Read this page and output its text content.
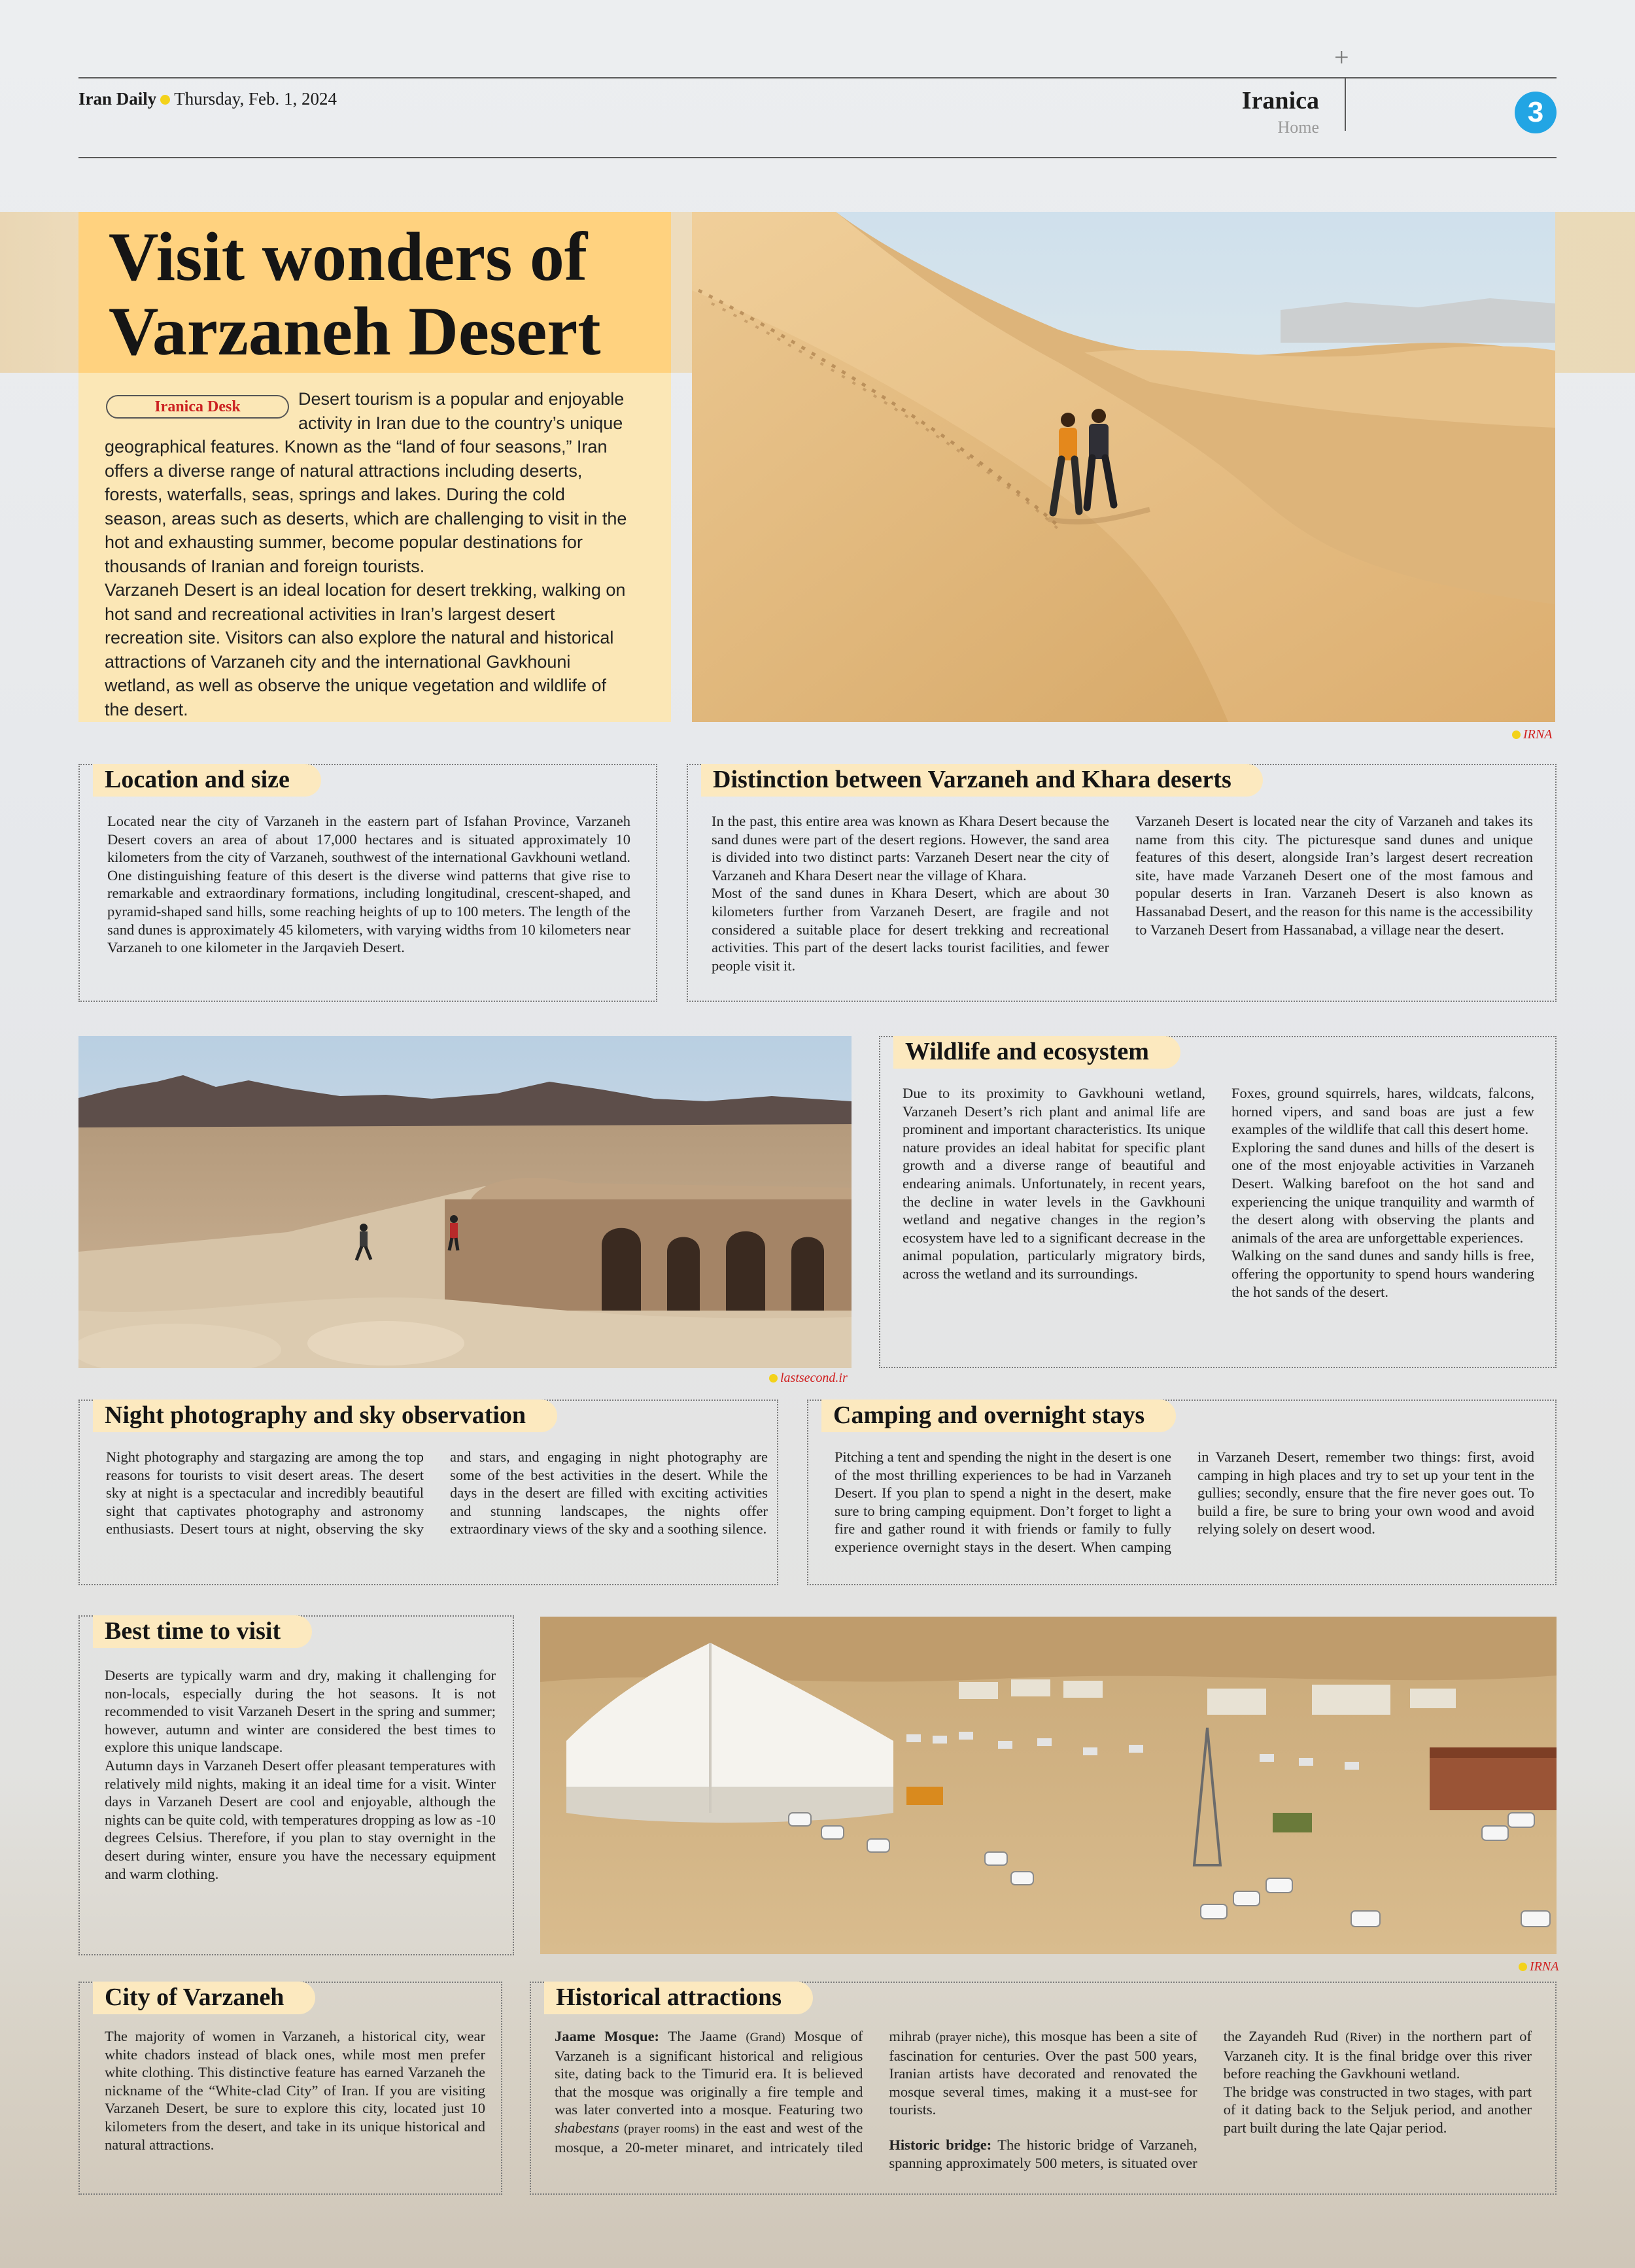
+
Iran Daily Thursday, Feb. 1, 2024	Iranica
Home	3
Visit wonders of
Varzaneh Desert
Iranica Desk	Desert tourism is a popular and enjoyable activity in Iran due to the country’s unique geographical features. Known as the “land of four seasons,” Iran offers a diverse range of natural attractions including deserts, forests, waterfalls, seas, springs and lakes. During the cold season, areas such as deserts, which are challenging to visit in the hot and exhausting summer, become popular destinations for thousands of Iranian and foreign tourists.

Varzaneh Desert is an ideal location for desert trekking, walking on hot sand and recreational activities in Iran’s largest desert recreation site. Visitors can also explore the natural and historical attractions of Varzaneh city and the international Gavkhouni wetland, as well as observe the unique vegetation and wildlife of the desert.

IRNA
Location and size
Located near the city of Varzaneh in the eastern part of Isfahan Province, Varzaneh Desert covers an area of about 17,000 hectares and is situated approximately 10 kilometers from the city of Varzaneh, southwest of the international Gavkhouni wetland. One distinguishing feature of this desert is the diverse wind patterns that give rise to remarkable and extraordinary formations, including longitudinal, crescent-shaped, and pyramid-shaped sand hills, some reaching heights of up to 100 meters. The length of the sand dunes is approximately 45 kilometers, with varying widths from 10 kilometers near Varzaneh to one kilometer in the Jarqavieh Desert.
Distinction between Varzaneh and Khara deserts

In the past, this entire area was known as Khara Desert because the sand dunes were part of the desert regions. However, the sand area is divided into two distinct parts: Varzaneh Desert near the city of Varzaneh and Khara Desert near the village of Khara.

Most of the sand dunes in Khara Desert, which are about 30 kilometers further from Varzaneh Desert, are fragile and not considered a suitable place for desert trekking and recreational activities. This part of the desert lacks tourist facilities, and fewer people visit it.

Varzaneh Desert is located near the city of Varzaneh and takes its name from this city. The picturesque sand dunes and unique features of this desert, alongside Iran’s largest desert recreation site, have made Varzaneh Desert one of the most famous and popular deserts in Iran. Varzaneh Desert is also known as Hassanabad Desert, and the reason for this name is the accessibility to Varzaneh Desert from Hassanabad, a village near the desert.

lastsecond.ir
Wildlife and ecosystem

Due to its proximity to Gavkhouni wetland, Varzaneh Desert’s rich plant and animal life are prominent and important characteristics. Its unique nature provides an ideal habitat for specific plant growth and a diverse range of beautiful and endearing animals. Unfortunately, in recent years, the decline in water levels in the Gavkhouni wetland and negative changes in the region’s ecosystem have led to a significant decrease in the animal population, particularly migratory birds, across the wetland and its surroundings.

Foxes, ground squirrels, hares, wildcats, falcons, horned vipers, and sand boas are just a few examples of the wildlife that call this desert home.

Exploring the sand dunes and hills of the desert is one of the most enjoyable activities in Varzaneh Desert. Walking barefoot on the hot sand and experiencing the unique tranquility and warmth of the desert along with observing the plants and animals of the area are unforgettable experiences.

Walking on the sand dunes and sandy hills is free, offering the opportunity to spend hours wandering the hot sands of the desert.

Night photography and sky observation
Night photography and stargazing are among the top reasons for tourists to visit desert areas. The desert sky at night is a spectacular and incredibly beautiful sight that captivates photography and astronomy enthusiasts. Desert tours at night, observing the sky and stars, and engaging in night photography are some of the best activities in the desert. While the days in the desert are filled with exciting activities and stunning landscapes, the nights offer extraordinary views of the sky and a soothing silence.
Camping and overnight stays
Pitching a tent and spending the night in the desert is one of the most thrilling experiences to be had in Varzaneh Desert. If you plan to spend a night in the desert, make sure to bring camping equipment. Don’t forget to light a fire and gather round it with friends or family to fully experience overnight stays in the desert. When camping in Varzaneh Desert, remember two things: first, avoid camping in high places and try to set up your tent in the gullies; secondly, ensure that the fire never goes out. To build a fire, be sure to bring your own wood and avoid relying solely on desert wood.
Best time to visit

Deserts are typically warm and dry, making it challenging for non-locals, especially during the hot seasons. It is not recommended to visit Varzaneh Desert in the spring and summer; however, autumn and winter are considered the best times to explore this unique landscape.

Autumn days in Varzaneh Desert offer pleasant temperatures with relatively mild nights, making it an ideal time for a visit. Winter days in Varzaneh Desert are cool and enjoyable, although the nights can be quite cold, with temperatures dropping as low as -10 degrees Celsius. Therefore, if you plan to stay overnight in the desert during winter, ensure you have the necessary equipment and warm clothing.

IRNA
City of Varzaneh
The majority of women in Varzaneh, a historical city, wear white chadors instead of black ones, while most men prefer white clothing. This distinctive feature has earned Varzaneh the nickname of the “White-clad City” of Iran. If you are visiting Varzaneh Desert, be sure to explore this city, located just 10 kilometers from the desert, and take in its unique historical and natural attractions.
Historical attractions

Jaame Mosque: The Jaame (Grand) Mosque of Varzaneh is a significant historical and religious site, dating back to the Timurid era. It is believed that the mosque was originally a fire temple and was later converted into a mosque. Featuring two shabestans (prayer rooms) in the east and west of the mosque, a 20-meter minaret, and intricately tiled mihrab (prayer niche), this mosque has been a site of fascination for centuries. Over the past 500 years, Iranian artists have decorated and renovated the mosque several times, making it a must-see for tourists.

Historic bridge: The historic bridge of Varzaneh, spanning approximately 500 meters, is situated over the Zayandeh Rud (River) in the northern part of Varzaneh city. It is the final bridge over this river before reaching the Gavkhouni wetland.

The bridge was constructed in two stages, with part of it dating back to the Seljuk period, and another part built during the late Qajar period.
